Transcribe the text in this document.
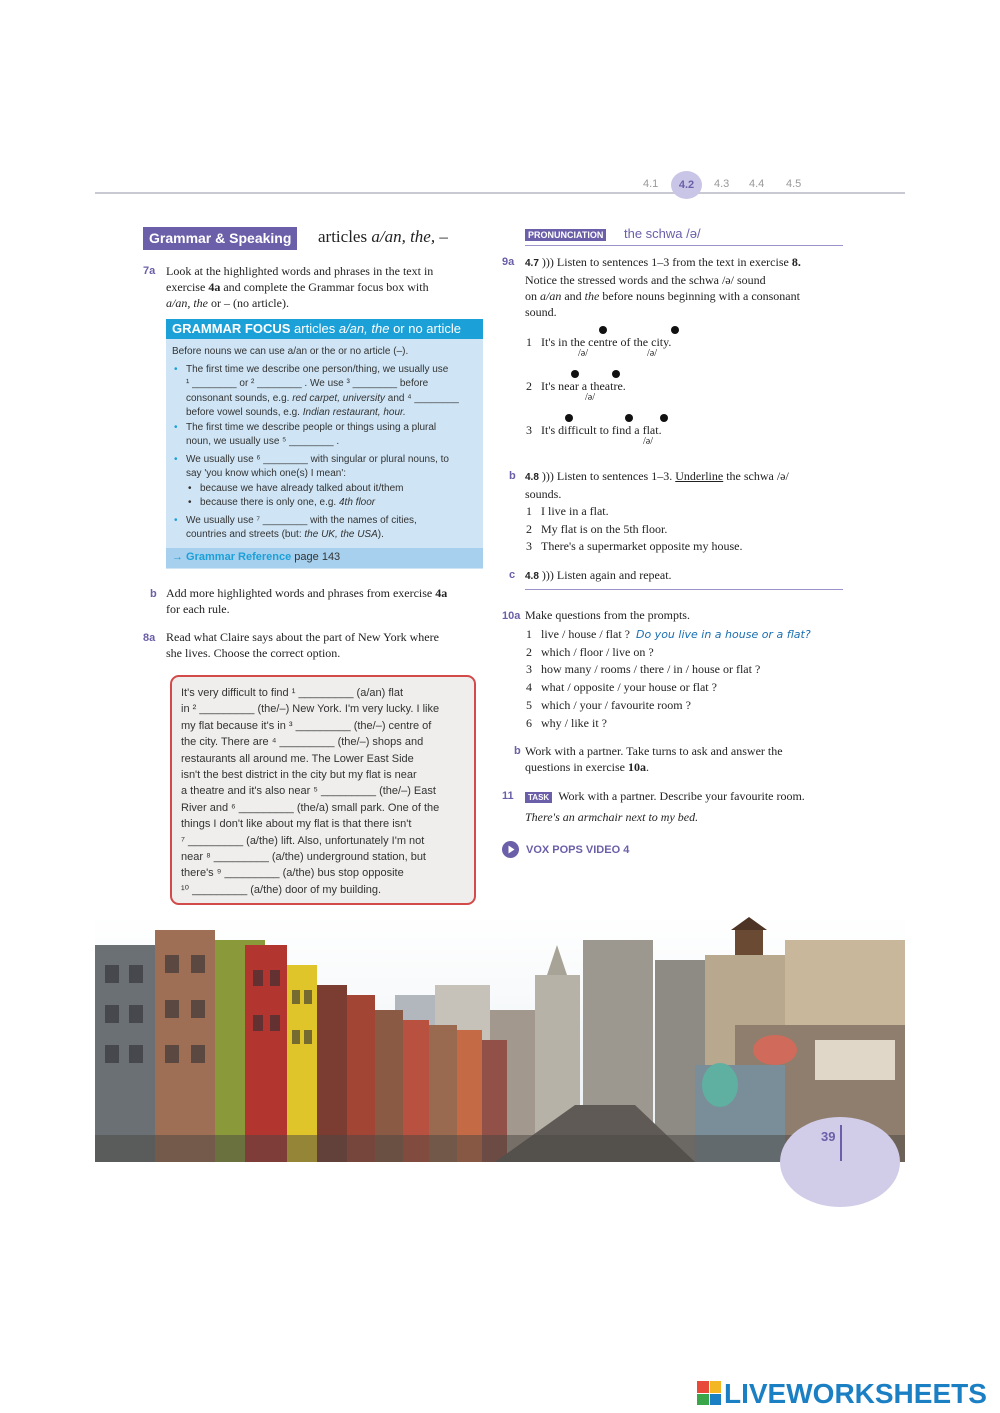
4.1	4.2	4.3 4.4 4.5
Grammar & Speaking	articles a/an, the, –
7a Look at the highlighted words and phrases in the text in
exercise 4a and complete the Grammar focus box with
a/an, the or – (no article).
GRAMMAR FOCUS articles a/an, the or no article
Before nouns we can use a/an or the or no article (–).
• The first time we describe one person/thing, we usually use
¹ ________ or ² ________ . We use ³ ________ before
consonant sounds, e.g. red carpet, university and ⁴ ________
before vowel sounds, e.g. Indian restaurant, hour.
• The first time we describe people or things using a plural
noun, we usually use ⁵ ________ .
• We usually use ⁶ ________ with singular or plural nouns, to
say 'you know which one(s) I mean':
• because we have already talked about it/them
• because there is only one, e.g. 4th floor
• We usually use ⁷ ________ with the names of cities,
countries and streets (but: the UK, the USA).
→ Grammar Reference page 143
b Add more highlighted words and phrases from exercise 4a
for each rule.
8a Read what Claire says about the part of New York where
she lives. Choose the correct option.
It's very difficult to find ¹ _________ (a/an) flat
in ² _________ (the/–) New York. I'm very lucky. I like
my flat because it's in ³ _________ (the/–) centre of
the city. There are ⁴ _________ (the/–) shops and
restaurants all around me. The Lower East Side
isn't the best district in the city but my flat is near
a theatre and it's also near ⁵ _________ (the/–) East
River and ⁶ _________ (the/a) small park. One of the
things I don't like about my flat is that there isn't
⁷ _________ (a/the) lift. Also, unfortunately I'm not
near ⁸ _________ (a/the) underground station, but
there's ⁹ _________ (a/the) bus stop opposite
¹⁰ _________ (a/the) door of my building.
PRONUNCIATION the schwa /ə/
9a 4.7 ))) Listen to sentences 1–3 from the text in exercise 8.
Notice the stressed words and the schwa /ə/ sound
on a/an and the before nouns beginning with a consonant
sound.
1 It's in the centre of the city.
/ə/	/ə/
2 It's near a theatre.
/ə/
3 It's difficult to find a flat.
/ə/
b 4.8 ))) Listen to sentences 1–3. Underline the schwa /ə/
sounds.
1 I live in a flat.
2 My flat is on the 5th floor.
3 There's a supermarket opposite my house.
c 4.8 ))) Listen again and repeat.
10a Make questions from the prompts.
1 live / house / flat ? Do you live in a house or a flat?
2 which / floor / live on ?
3 how many / rooms / there / in / house or flat ?
4 what / opposite / your house or flat ?
5 which / your / favourite room ?
6 why / like it ?
b Work with a partner. Take turns to ask and answer the
questions in exercise 10a.
11	TASK Work with a partner. Describe your favourite room.
There's an armchair next to my bed.
VOX POPS VIDEO 4
39
LIVEWORKSHEETS
